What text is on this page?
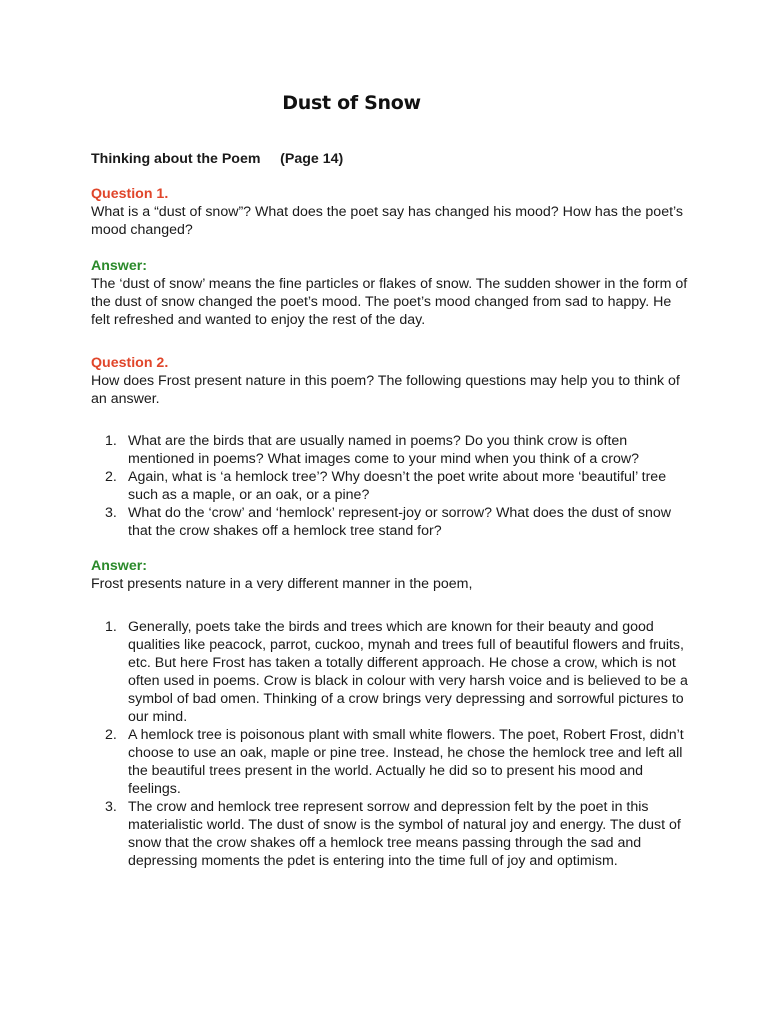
Dust of Snow
Thinking about the Poem     (Page 14)
Question 1.
What is a “dust of snow”? What does the poet say has changed his mood? How has the poet’s mood changed?
Answer:
The ‘dust of snow’ means the fine particles or flakes of snow. The sudden shower in the form of the dust of snow changed the poet’s mood. The poet’s mood changed from sad to happy. He felt refreshed and wanted to enjoy the rest of the day.
Question 2.
How does Frost present nature in this poem? The following questions may help you to think of an answer.
1. What are the birds that are usually named in poems? Do you think crow is often mentioned in poems? What images come to your mind when you think of a crow?
2. Again, what is ‘a hemlock tree’? Why doesn’t the poet write about more ‘beautiful’ tree such as a maple, or an oak, or a pine?
3. What do the ‘crow’ and ‘hemlock’ represent-joy or sorrow? What does the dust of snow that the crow shakes off a hemlock tree stand for?
Answer:
Frost presents nature in a very different manner in the poem,
1. Generally, poets take the birds and trees which are known for their beauty and good qualities like peacock, parrot, cuckoo, mynah and trees full of beautiful flowers and fruits, etc. But here Frost has taken a totally different approach. He chose a crow, which is not often used in poems. Crow is black in colour with very harsh voice and is believed to be a symbol of bad omen. Thinking of a crow brings very depressing and sorrowful pictures to our mind.
2. A hemlock tree is poisonous plant with small white flowers. The poet, Robert Frost, didn’t choose to use an oak, maple or pine tree. Instead, he chose the hemlock tree and left all the beautiful trees present in the world. Actually he did so to present his mood and feelings.
3. The crow and hemlock tree represent sorrow and depression felt by the poet in this materialistic world. The dust of snow is the symbol of natural joy and energy. The dust of snow that the crow shakes off a hemlock tree means passing through the sad and depressing moments the pdet is entering into the time full of joy and optimism.
